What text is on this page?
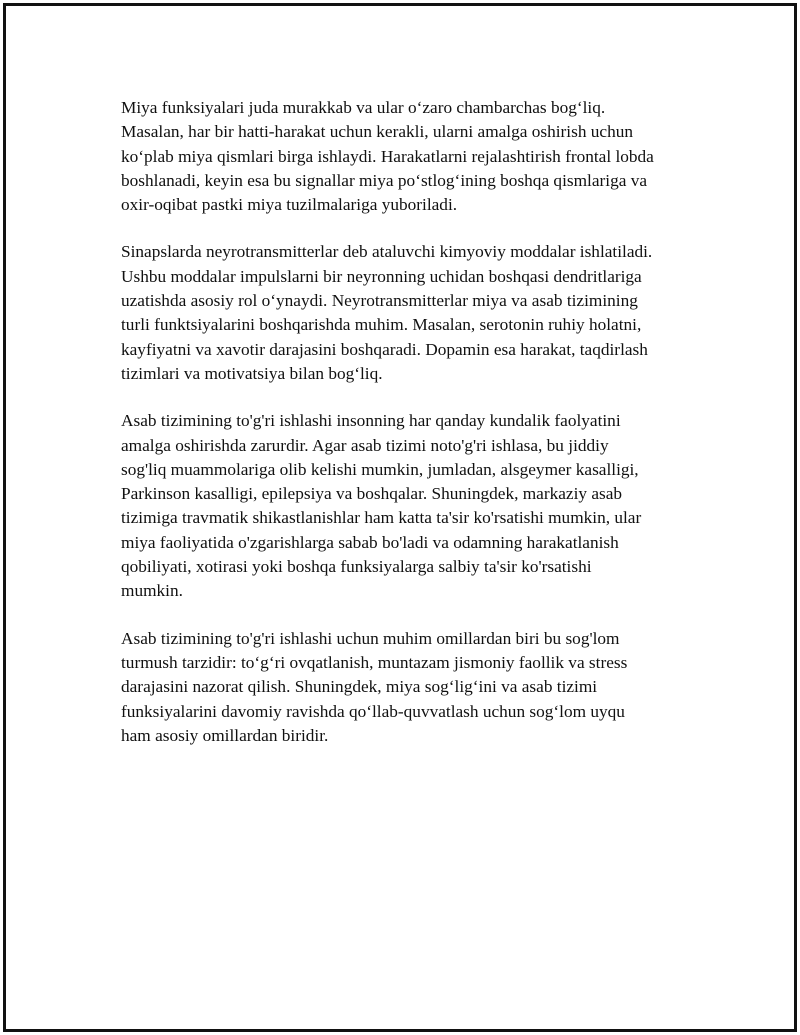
Miya funksiyalari juda murakkab va ular o‘zaro chambarchas bog‘liq.
Masalan, har bir hatti-harakat uchun kerakli, ularni amalga oshirish uchun
ko‘plab miya qismlari birga ishlaydi. Harakatlarni rejalashtirish frontal lobda
boshlanadi, keyin esa bu signallar miya po‘stlog‘ining boshqa qismlariga va
oxir-oqibat pastki miya tuzilmalariga yuboriladi.

Sinapslarda neyrotransmitterlar deb ataluvchi kimyoviy moddalar ishlatiladi.
Ushbu moddalar impulslarni bir neyronning uchidan boshqasi dendritlariga
uzatishda asosiy rol o‘ynaydi. Neyrotransmitterlar miya va asab tizimining
turli funktsiyalarini boshqarishda muhim. Masalan, serotonin ruhiy holatni,
kayfiyatni va xavotir darajasini boshqaradi. Dopamin esa harakat, taqdirlash
tizimlari va motivatsiya bilan bog‘liq.

Asab tizimining to'g'ri ishlashi insonning har qanday kundalik faolyatini
amalga oshirishda zarurdir. Agar asab tizimi noto'g'ri ishlasa, bu jiddiy
sog'liq muammolariga olib kelishi mumkin, jumladan, alsgeymer kasalligi,
Parkinson kasalligi, epilepsiya va boshqalar. Shuningdek, markaziy asab
tizimiga travmatik shikastlanishlar ham katta ta'sir ko'rsatishi mumkin, ular
miya faoliyatida o'zgarishlarga sabab bo'ladi va odamning harakatlanish
qobiliyati, xotirasi yoki boshqa funksiyalarga salbiy ta'sir ko'rsatishi
mumkin.

Asab tizimining to'g'ri ishlashi uchun muhim omillardan biri bu sog'lom
turmush tarzidir: to‘g‘ri ovqatlanish, muntazam jismoniy faollik va stress
darajasini nazorat qilish. Shuningdek, miya sog‘lig‘ini va asab tizimi
funksiyalarini davomiy ravishda qo‘llab-quvvatlash uchun sog‘lom uyqu
ham asosiy omillardan biridir.
